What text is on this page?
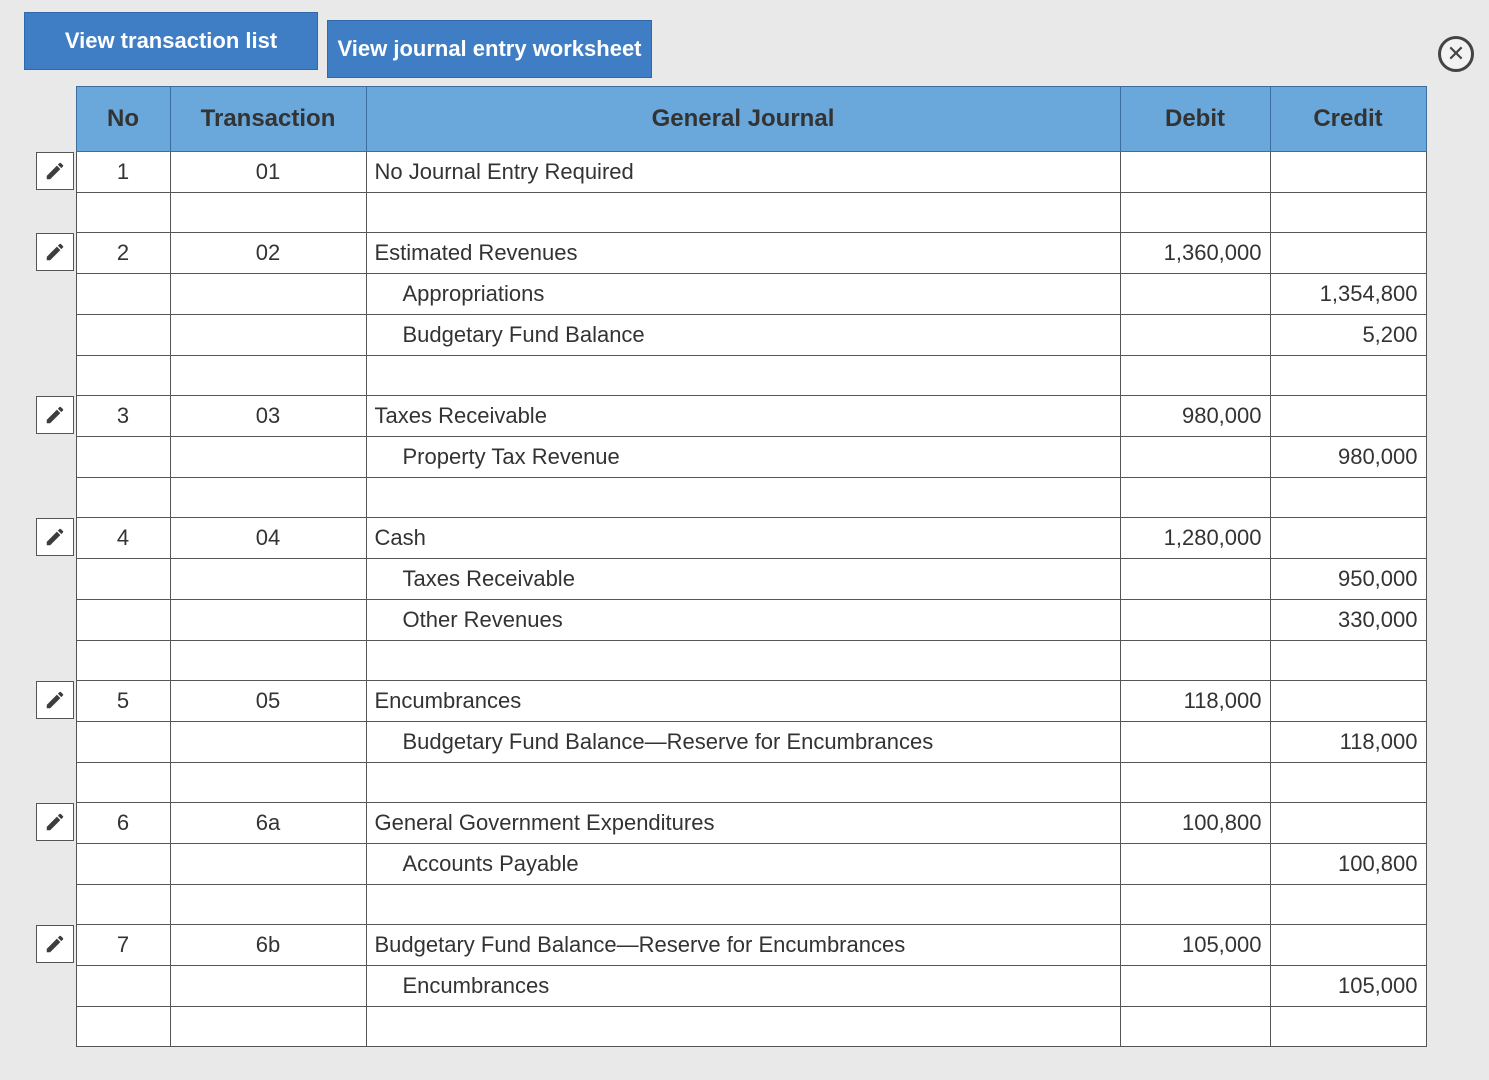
View transaction list	View journal entry worksheet	✕
	No	Transaction	General Journal	Debit	Credit

	1	01	No Journal Entry Required		

	2	02	Estimated Revenues	1,360,000	
			Appropriations		1,354,800
			Budgetary Fund Balance		5,200

	3	03	Taxes Receivable	980,000	
			Property Tax Revenue		980,000

	4	04	Cash	1,280,000	
			Taxes Receivable		950,000
			Other Revenues		330,000

	5	05	Encumbrances	118,000	
			Budgetary Fund Balance—Reserve for Encumbrances		118,000

	6	6a	General Government Expenditures	100,800	
			Accounts Payable		100,800

	7	6b	Budgetary Fund Balance—Reserve for Encumbrances	105,000	
			Encumbrances		105,000
